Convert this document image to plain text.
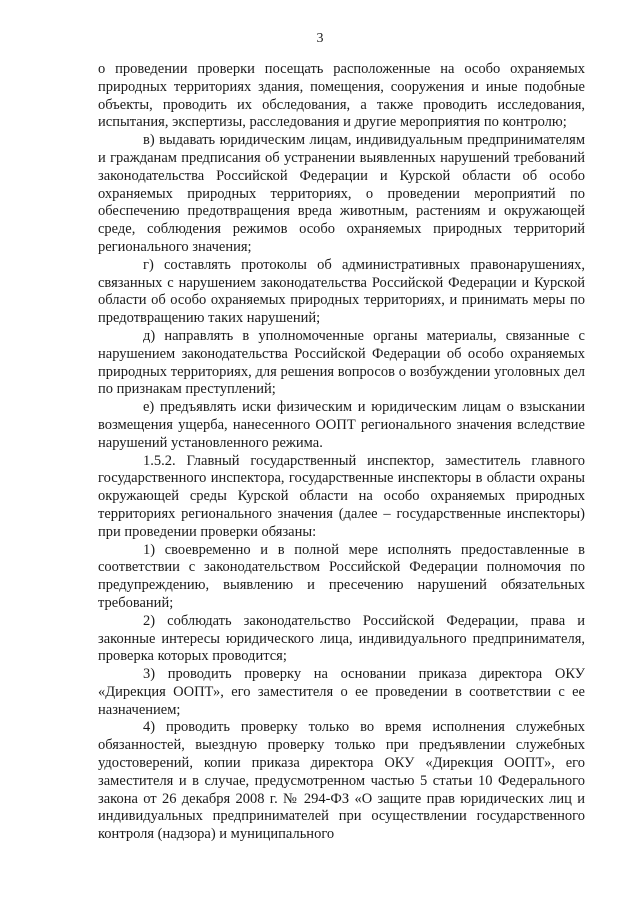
3

о проведении проверки посещать расположенные на особо охраняемых природных территориях здания, помещения, сооружения и иные подобные объекты, проводить их обследования, а также проводить исследования, испытания, экспертизы, расследования и другие мероприятия по контролю;

в) выдавать юридическим лицам, индивидуальным предпринимателям и гражданам предписания об устранении выявленных нарушений требований законодательства Российской Федерации и Курской области об особо охраняемых природных территориях, о проведении мероприятий по обеспечению предотвращения вреда животным, растениям и окружающей среде, соблюдения режимов особо охраняемых природных территорий регионального значения;

г) составлять протоколы об административных правонарушениях, связанных с нарушением законодательства Российской Федерации и Курской области об особо охраняемых природных территориях, и принимать меры по предотвращению таких нарушений;

д) направлять в уполномоченные органы материалы, связанные с нарушением законодательства Российской Федерации об особо охраняемых природных территориях, для решения вопросов о возбуждении уголовных дел по признакам преступлений;

е) предъявлять иски физическим и юридическим лицам о взыскании возмещения ущерба, нанесенного ООПТ регионального значения вследствие нарушений установленного режима.

1.5.2. Главный государственный инспектор, заместитель главного государственного инспектора, государственные инспекторы в области охраны окружающей среды Курской области на особо охраняемых природных территориях регионального значения (далее – государственные инспекторы) при проведении проверки обязаны:

1) своевременно и в полной мере исполнять предоставленные в соответствии с законодательством Российской Федерации полномочия по предупреждению, выявлению и пресечению нарушений обязательных требований;

2) соблюдать законодательство Российской Федерации, права и законные интересы юридического лица, индивидуального предпринимателя, проверка которых проводится;

3) проводить проверку на основании приказа директора ОКУ «Дирекция ООПТ», его заместителя о ее проведении в соответствии с ее назначением;

4) проводить проверку только во время исполнения служебных обязанностей, выездную проверку только при предъявлении служебных удостоверений, копии приказа директора ОКУ «Дирекция ООПТ», его заместителя и в случае, предусмотренном частью 5 статьи 10 Федерального закона от 26 декабря 2008 г. № 294-ФЗ «О защите прав юридических лиц и индивидуальных предпринимателей при осуществлении государственного контроля (надзора) и муниципального
